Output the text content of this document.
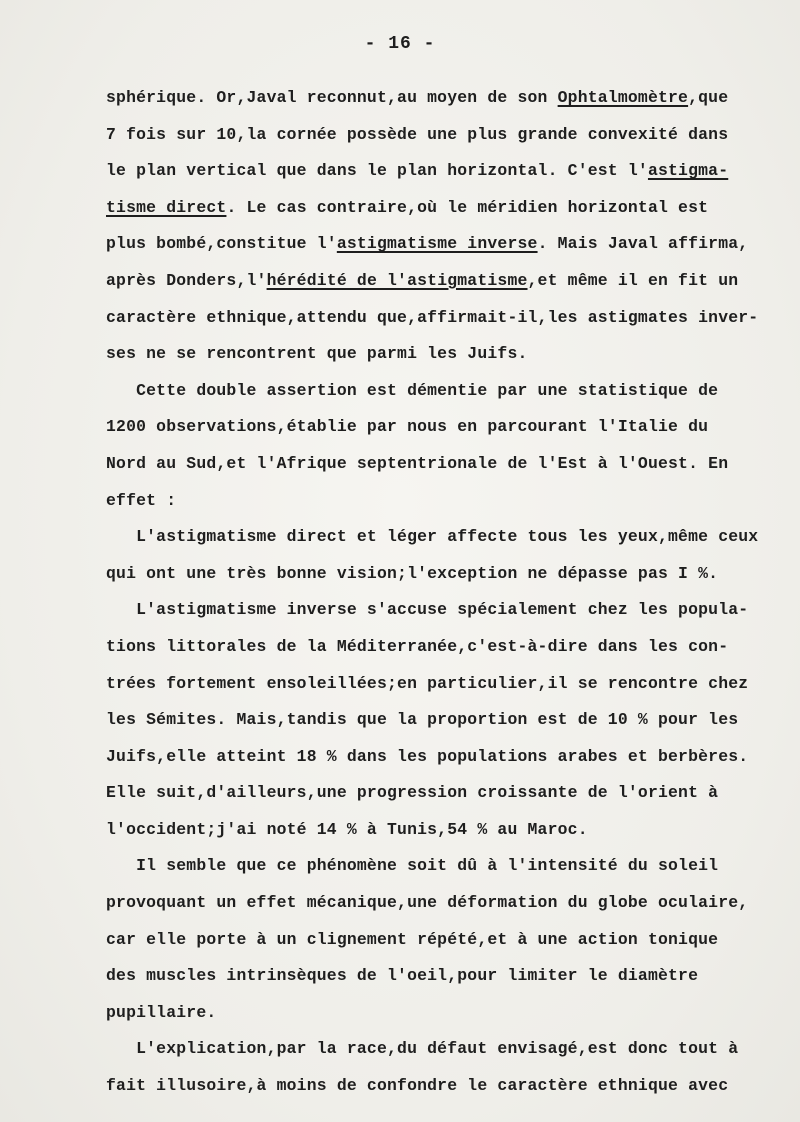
- 16 -
sphérique. Or,Javal reconnut,au moyen de son Ophtalmomètre,que
7 fois sur 10,la cornée possède une plus grande convexité dans
le plan vertical que dans le plan horizontal. C'est l'astigma-
tisme direct. Le cas contraire,où le méridien horizontal est
plus bombé,constitue l'astigmatisme inverse. Mais Javal affirma,
après Donders,l'hérédité de l'astigmatisme,et même il en fit un
caractère ethnique,attendu que,affirmait-il,les astigmates inver-
ses ne se rencontrent que parmi les Juifs.
Cette double assertion est démentie par une statistique de
1200 observations,établie par nous en parcourant l'Italie du
Nord au Sud,et l'Afrique septentrionale de l'Est à l'Ouest. En
effet :
L'astigmatisme direct et léger affecte tous les yeux,même ceux
qui ont une très bonne vision;l'exception ne dépasse pas I %.
L'astigmatisme inverse s'accuse spécialement chez les popula-
tions littorales de la Méditerranée,c'est-à-dire dans les con-
trées fortement ensoleillées;en particulier,il se rencontre chez
les Sémites. Mais,tandis que la proportion est de 10 % pour les
Juifs,elle atteint 18 % dans les populations arabes et berbères.
Elle suit,d'ailleurs,une progression croissante de l'orient à
l'occident;j'ai noté 14 % à Tunis,54 % au Maroc.
Il semble que ce phénomène soit dû à l'intensité du soleil
provoquant un effet mécanique,une déformation du globe oculaire,
car elle porte à un clignement répété,et à une action tonique
des muscles intrinsèques de l'oeil,pour limiter le diamètre
pupillaire.
L'explication,par la race,du défaut envisagé,est donc tout à
fait illusoire,à moins de confondre le caractère ethnique avec
